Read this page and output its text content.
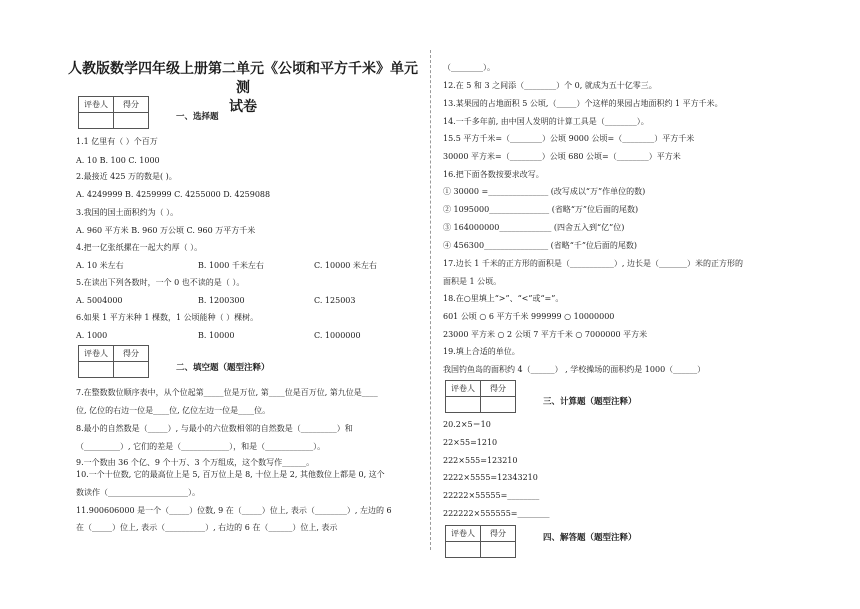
人教版数学四年级上册第二单元《公顷和平方千米》单元测
试卷
评卷人	得分

一、选择题
1.1 亿里有（ ）个百万
A. 10 B. 100 C. 1000
2.最接近 425 万的数是( )。
A. 4249999 B. 4259999 C. 4255000 D. 4259088
3.我国的国土面积约为（ ）。
A. 960 平方米 B. 960 万公顷 C. 960 万平方千米
4.把一亿张纸摞在一起大约厚（ ）。
A. 10 米左右	B. 1000 千米左右	C. 10000 米左右
5.在读出下列各数时，一个 0 也不读的是（ ）。
A. 5004000	B. 1200300	C. 125003
6.如果 1 平方米种 1 棵数，1 公顷能种（ ）棵树。
A. 1000	B. 10000	C. 1000000
评卷人	得分

二、填空题（题型注释）
7.在整数数位顺序表中，从个位起第_____位是万位, 第____位是百万位, 第九位是____
位, 亿位的右边一位是____位, 亿位左边一位是____位。
8.最小的自然数是（_____）, 与最小的六位数相邻的自然数是（_________）和
（_________）, 它们的差是（____________），和是（____________）。
9.一个数由 36 个亿、9 个十万、3 个万组成，这个数写作______。
10.一个十位数, 它的最高位上是 5, 百万位上是 8, 十位上是 2, 其他数位上都是 0, 这个
数读作（____________________）。
11.900606000 是一个（_____）位数, 9 在（_____）位上, 表示（________）, 左边的 6
在（_____）位上, 表示（__________）, 右边的 6 在（______）位上, 表示
（________）。
12.在 5 和 3 之间添（________）个 0, 就成为五十亿零三。
13.某果园的占地面积 5 公顷,（_____）个这样的果园占地面积约 1 平方千米。
14.一千多年前, 由中国人发明的计算工具是（________）。
15.5 平方千米=（________）公顷 9000 公顷=（________）平方千米
30000 平方米=（________）公顷 680 公顷=（________）平方米
16.把下面各数按要求改写。
① 30000 =_______________ (改写成以“万”作单位的数)
② 1095000_______________ (省略“万”位后面的尾数)
③ 164000000_____________ (四舍五入到“亿”位)
④ 456300________________ (省略“千”位后面的尾数)
17.边长 1 千米的正方形的面积是（___________）, 边长是（_______）米的正方形的
面积是 1 公顷。
18.在○里填上“>”、“<”或“=”。
601 公顷 ○ 6 平方千米 999999 ○ 10000000
23000 平方米 ○ 2 公顷 7 平方千米 ○ 7000000 平方米
19.填上合适的单位。
我国钓鱼岛的面积约 4（______） , 学校操场的面积约是 1000（______）
评卷人	得分

三、计算题（题型注释）
20.2×5＝10
22×55=1210
222×555=123210
2222×5555=12343210
22222×55555=________
222222×555555=________
评卷人	得分
		四、解答题（题型注释）
